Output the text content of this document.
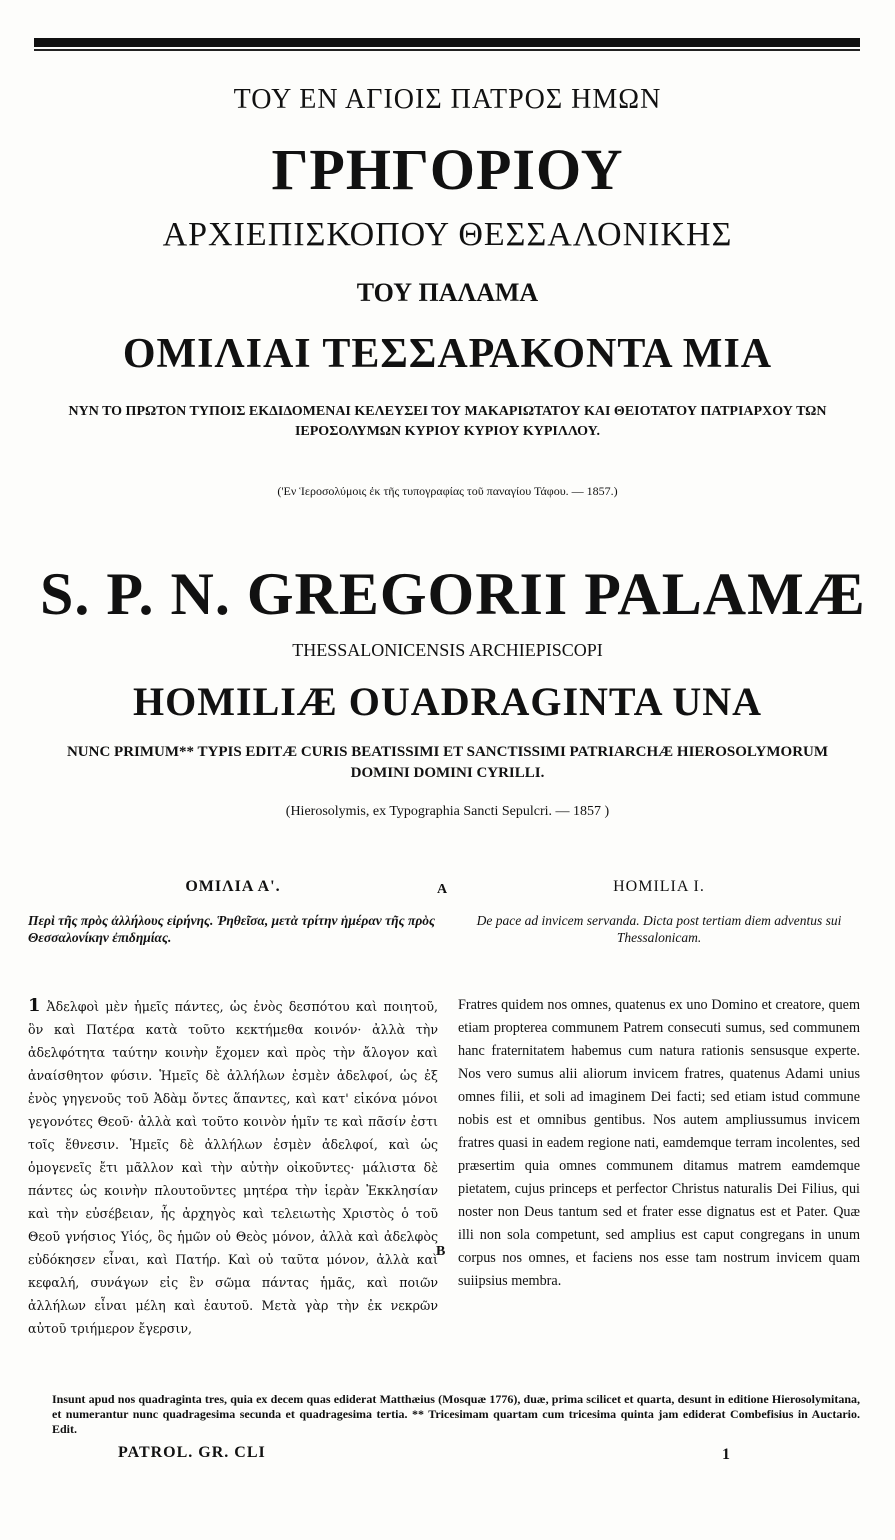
ΤΟΥ ΕΝ ΑΓΙΟΙΣ ΠΑΤΡΟΣ ΗΜΩΝ
ΓΡΗΓΟΡΙΟΥ
ΑΡΧΙΕΠΙΣΚΟΠΟΥ ΘΕΣΣΑΛΟΝΙΚΗΣ
ΤΟΥ ΠΑΛΑΜΑ
ΟΜΙΛΙΑΙ ΤΕΣΣΑΡΑΚΟΝΤΑ ΜΙΑ
ΝΥΝ ΤΟ ΠΡΩΤΟΝ ΤΥΠΟΙΣ ΕΚΔΙΔΟΜΕΝΑΙ ΚΕΛΕΥΣΕΙ ΤΟΥ ΜΑΚΑΡΙΩΤΑΤΟΥ ΚΑΙ ΘΕΙΟΤΑΤΟΥ ΠΑΤΡΙΑΡΧΟΥ ΤΩΝ ΙΕΡΟΣΟΛΥΜΩΝ ΚΥΡΙΟΥ ΚΥΡΙΟΥ ΚΥΡΙΛΛΟΥ.
('Εν Ἱεροσολύμοις ἐκ τῆς τυπογραφίας τοῦ παναγίου Τάφου. — 1857.)
S. P. N. GREGORII PALAMÆ
THESSALONICENSIS ARCHIEPISCOPI
HOMILIÆ OUADRAGINTA UNA
NUNC PRIMUM** TYPIS EDITÆ CURIS BEATISSIMI ET SANCTISSIMI PATRIARCHÆ HIEROSOLYMORUM DOMINI DOMINI CYRILLI.
(Hierosolymis, ex Typographia Sancti Sepulcri. — 1857 )
ΟΜΙΛΙΑ Α'.
Περὶ τῆς πρὸς ἀλλήλους εἰρήνης. Ῥηθεῖσα, μετὰ τρίτην ἡμέραν τῆς πρὸς Θεσσαλονίκην ἐπιδημίας.
1 Ἀδελφοὶ μὲν ἡμεῖς πάντες, ὡς ἑνὸς δεσπότου καὶ ποιητοῦ, ὃν καὶ Πατέρα κατὰ τοῦτο κεκτήμεθα κοινόν· ἀλλὰ τὴν ἀδελφότητα ταύτην κοινὴν ἔχομεν καὶ πρὸς τὴν ἄλογον καὶ ἀναίσθητον φύσιν. Ἡμεῖς δὲ ἀλλήλων ἐσμὲν ἀδελφοί, ὡς ἐξ ἑνὸς γηγενοῦς τοῦ Ἀδὰμ ὄντες ἅπαντες, καὶ κατ' εἰκόνα μόνοι γεγονότες Θεοῦ· ἀλλὰ καὶ τοῦτο κοινὸν ἡμῖν τε καὶ πᾶσίν ἐστι τοῖς ἔθνεσιν. Ἡμεῖς δὲ ἀλλήλων ἐσμὲν ἀδελφοί, καὶ ὡς ὁμογενεῖς ἔτι μᾶλλον καὶ τὴν αὐτὴν οἰκοῦντες· μάλιστα δὲ πάντες ὡς κοινὴν πλουτοῦντες μητέρα τὴν ἱερὰν Ἐκκλησίαν καὶ τὴν εὐσέβειαν, ἧς ἀρχηγὸς καὶ τελειωτὴς Χριστὸς ὁ τοῦ Θεοῦ γνήσιος Υἱός, ὃς ἡμῶν οὐ Θεὸς μόνον, ἀλλὰ καὶ ἀδελφὸς εὐδόκησεν εἶναι, καὶ Πατήρ. Καὶ οὐ ταῦτα μόνον, ἀλλὰ καὶ κεφαλή, συνάγων εἰς ἓν σῶμα πάντας ἡμᾶς, καὶ ποιῶν ἀλλήλων εἶναι μέλη καὶ ἑαυτοῦ. Μετὰ γὰρ τὴν ἐκ νεκρῶν αὐτοῦ τριήμερον ἔγερσιν,
A
B
HOMILIA I.
De pace ad invicem servanda. Dicta post tertiam diem adventus sui Thessalonicam.
Fratres quidem nos omnes, quatenus ex uno Domino et creatore, quem etiam propterea communem Patrem consecuti sumus, sed communem hanc fraternitatem habemus cum natura rationis sensusque experte. Nos vero sumus alii aliorum invicem fratres, quatenus Adami unius omnes filii, et soli ad imaginem Dei facti; sed etiam istud commune nobis est et omnibus gentibus. Nos autem ampliussumus invicem fratres quasi in eadem regione nati, eamdemque terram incolentes, sed præsertim quia omnes communem ditamus matrem eamdemque pietatem, cujus princeps et perfector Christus naturalis Dei Filius, qui noster non Deus tantum sed et frater esse dignatus est et Pater. Quæ illi non sola competunt, sed amplius est caput congregans in unum corpus nos omnes, et faciens nos esse tam nostrum invicem quam suiipsius membra.
Insunt apud nos quadraginta tres, quia ex decem quas ediderat Matthæius (Mosquæ 1776), duæ, prima scilicet et quarta, desunt in editione Hierosolymitana, et numerantur nunc quadragesima secunda et quadragesima tertia. ** Tricesimam quartam cum tricesima quinta jam ediderat Combefisius in Auctario. Edit.
PATROL. GR. CLI	1
